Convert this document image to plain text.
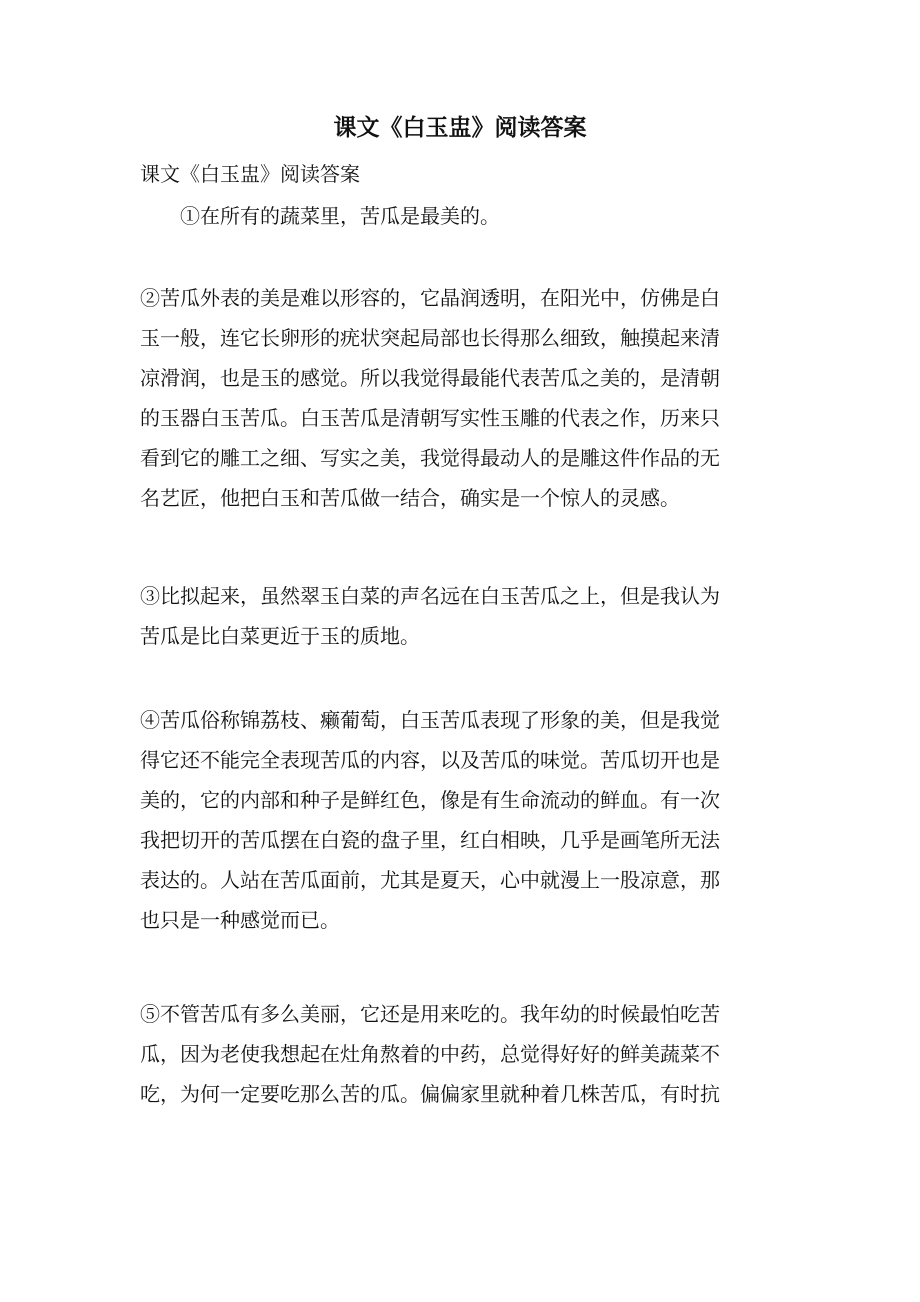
课文《白玉盅》阅读答案

课文《白玉盅》阅读答案

①在所有的蔬菜里，苦瓜是最美的。

②苦瓜外表的美是难以形容的，它晶润透明，在阳光中，仿佛是白
玉一般，连它长卵形的疣状突起局部也长得那么细致，触摸起来清
凉滑润，也是玉的感觉。所以我觉得最能代表苦瓜之美的，是清朝
的玉器白玉苦瓜。白玉苦瓜是清朝写实性玉雕的代表之作，历来只
看到它的雕工之细、写实之美，我觉得最动人的是雕这件作品的无
名艺匠，他把白玉和苦瓜做一结合，确实是一个惊人的灵感。

③比拟起来，虽然翠玉白菜的声名远在白玉苦瓜之上，但是我认为
苦瓜是比白菜更近于玉的质地。

④苦瓜俗称锦荔枝、癞葡萄，白玉苦瓜表现了形象的美，但是我觉
得它还不能完全表现苦瓜的内容，以及苦瓜的味觉。苦瓜切开也是
美的，它的内部和种子是鲜红色，像是有生命流动的鲜血。有一次
我把切开的苦瓜摆在白瓷的盘子里，红白相映，几乎是画笔所无法
表达的。人站在苦瓜面前，尤其是夏天，心中就漫上一股凉意，那
也只是一种感觉而已。

⑤不管苦瓜有多么美丽，它还是用来吃的。我年幼的时候最怕吃苦
瓜，因为老使我想起在灶角熬着的中药，总觉得好好的鲜美蔬菜不
吃，为何一定要吃那么苦的瓜。偏偏家里就种着几株苦瓜，有时抗
